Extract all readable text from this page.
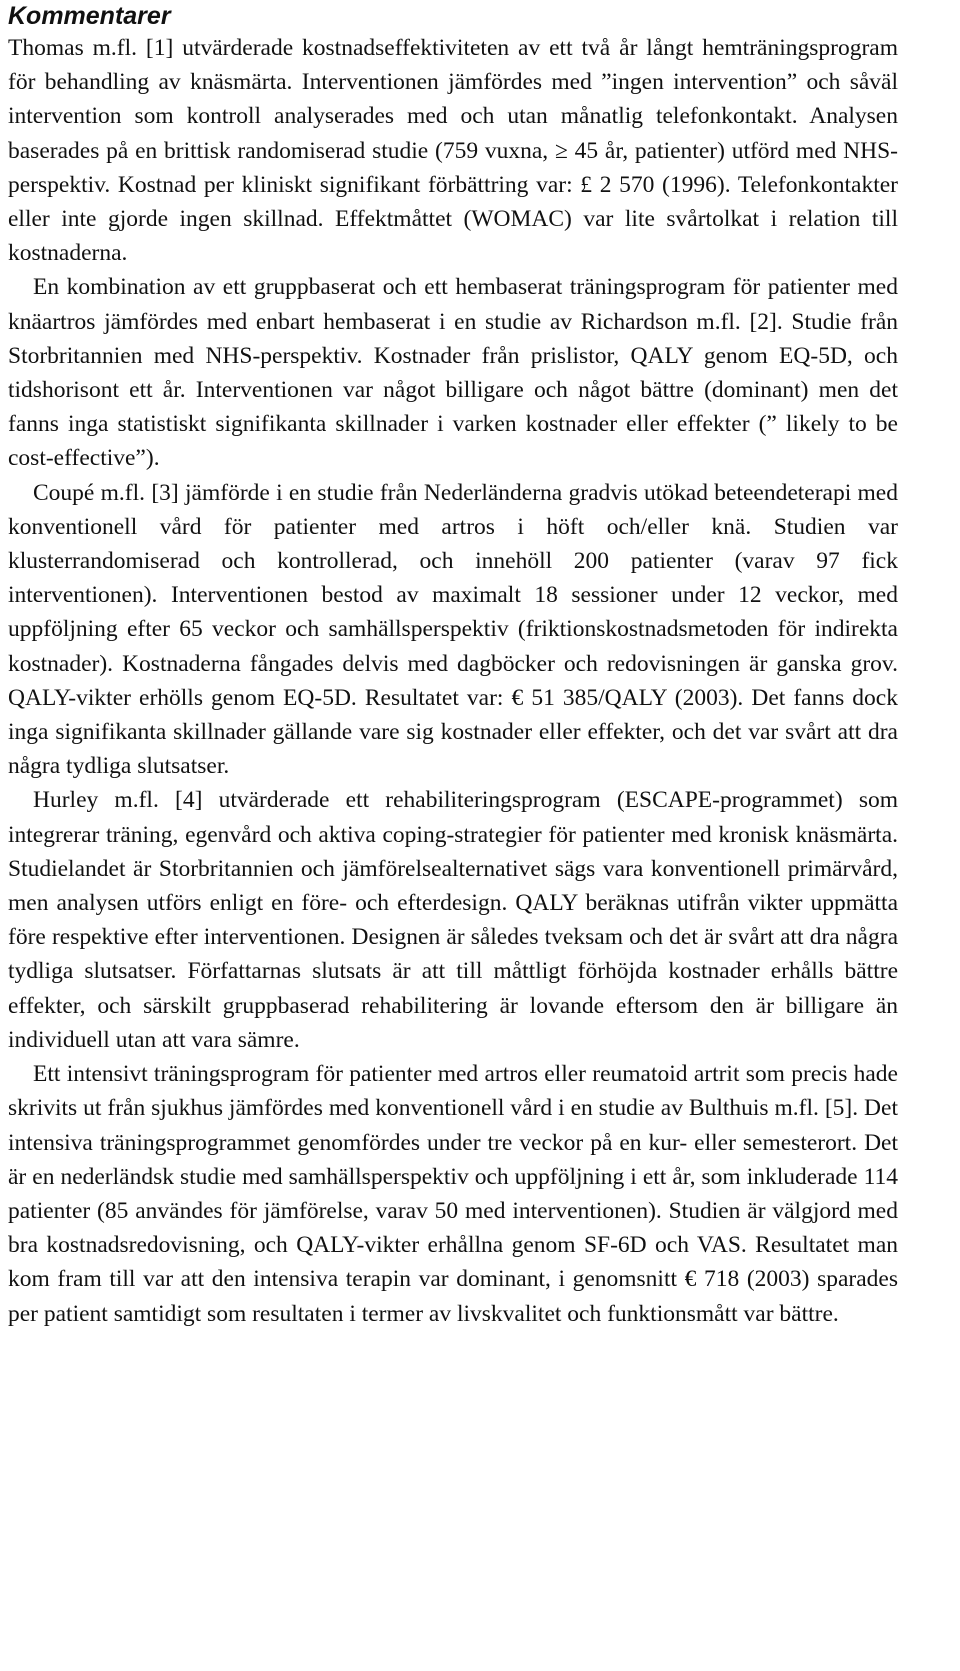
Kommentarer

Thomas m.fl. [1] utvärderade kostnadseffektiviteten av ett två år långt hemträningsprogram för behandling av knäsmärta. Interventionen jämfördes med ”ingen intervention” och såväl intervention som kontroll analyserades med och utan månatlig telefonkontakt. Analysen baserades på en brittisk randomiserad studie (759 vuxna, ≥ 45 år, patienter) utförd med NHS-perspektiv. Kostnad per kliniskt signifikant förbättring var: £ 2 570 (1996). Telefonkontakter eller inte gjorde ingen skillnad. Effektmåttet (WOMAC) var lite svårtolkat i relation till kostnaderna.

En kombination av ett gruppbaserat och ett hembaserat träningsprogram för patienter med knäartros jämfördes med enbart hembaserat i en studie av Richardson m.fl. [2]. Studie från Storbritannien med NHS-perspektiv. Kostnader från prislistor, QALY genom EQ-5D, och tidshorisont ett år. Interventionen var något billigare och något bättre (dominant) men det fanns inga statistiskt signifikanta skillnader i varken kostnader eller effekter (” likely to be cost-effective”).

Coupé m.fl. [3] jämförde i en studie från Nederländerna gradvis utökad beteendeterapi med konventionell vård för patienter med artros i höft och/eller knä. Studien var klusterrandomiserad och kontrollerad, och innehöll 200 patienter (varav 97 fick interventionen). Interventionen bestod av maximalt 18 sessioner under 12 veckor, med uppföljning efter 65 veckor och samhällsperspektiv (friktionskostnadsmetoden för indirekta kostnader). Kostnaderna fångades delvis med dagböcker och redovisningen är ganska grov. QALY-vikter erhölls genom EQ-5D. Resultatet var: € 51 385/QALY (2003). Det fanns dock inga signifikanta skillnader gällande vare sig kostnader eller effekter, och det var svårt att dra några tydliga slutsatser.

Hurley m.fl. [4] utvärderade ett rehabiliteringsprogram (ESCAPE-programmet) som integrerar träning, egenvård och aktiva coping-strategier för patienter med kronisk knäsmärta. Studielandet är Storbritannien och jämförelsealternativet sägs vara konventionell primärvård, men analysen utförs enligt en före- och efterdesign. QALY beräknas utifrån vikter uppmätta före respektive efter interventionen. Designen är således tveksam och det är svårt att dra några tydliga slutsatser. Författarnas slutsats är att till måttligt förhöjda kostnader erhålls bättre effekter, och särskilt gruppbaserad rehabilitering är lovande eftersom den är billigare än individuell utan att vara sämre.

Ett intensivt träningsprogram för patienter med artros eller reumatoid artrit som precis hade skrivits ut från sjukhus jämfördes med konventionell vård i en studie av Bulthuis m.fl. [5]. Det intensiva träningsprogrammet genomfördes under tre veckor på en kur- eller semesterort. Det är en nederländsk studie med samhällsperspektiv och uppföljning i ett år, som inkluderade 114 patienter (85 användes för jämförelse, varav 50 med interventionen). Studien är välgjord med bra kostnadsredovisning, och QALY-vikter erhållna genom SF-6D och VAS. Resultatet man kom fram till var att den intensiva terapin var dominant, i genomsnitt € 718 (2003) sparades per patient samtidigt som resultaten i termer av livskvalitet och funktionsmått var bättre.
